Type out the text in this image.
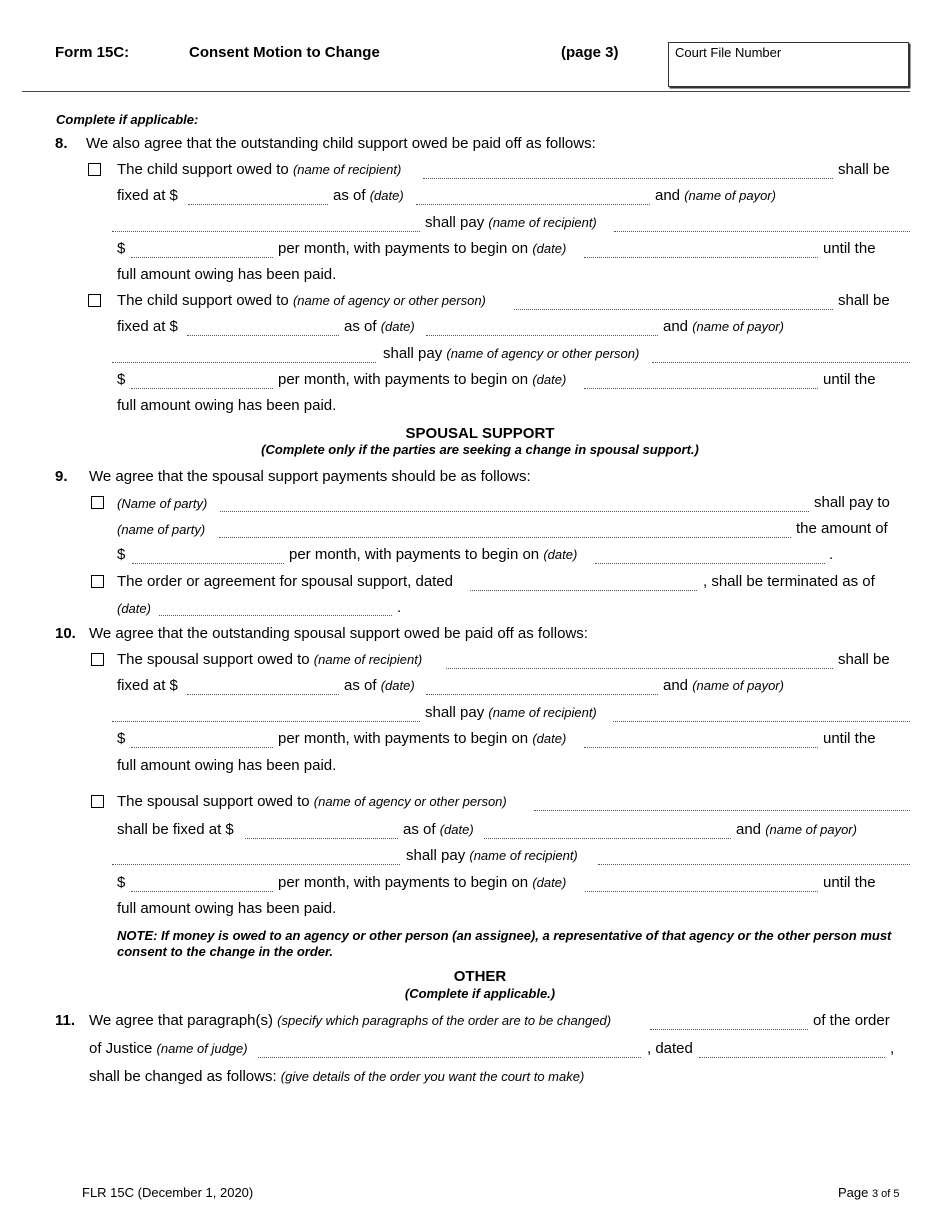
Form 15C:	Consent Motion to Change	(page 3)	Court File Number
Complete if applicable:
8. We also agree that the outstanding child support owed be paid off as follows:
The child support owed to (name of recipient)	shall be
fixed at $	as of (date)	and (name of payor)
shall pay (name of recipient)
$	per month, with payments to begin on (date)	until the
full amount owing has been paid.
The child support owed to (name of agency or other person)	shall be
fixed at $	as of (date)	and (name of payor)
shall pay (name of agency or other person)
$	per month, with payments to begin on (date)	until the
full amount owing has been paid.
SPOUSAL SUPPORT
(Complete only if the parties are seeking a change in spousal support.)
9. We agree that the spousal support payments should be as follows:
(Name of party)	shall pay to
(name of party)	the amount of
$	per month, with payments to begin on (date)	.
The order or agreement for spousal support, dated	, shall be terminated as of
(date)	.
10. We agree that the outstanding spousal support owed be paid off as follows:
The spousal support owed to (name of recipient)	shall be
fixed at $	as of (date)	and (name of payor)
shall pay (name of recipient)
$	per month, with payments to begin on (date)	until the
full amount owing has been paid.
The spousal support owed to (name of agency or other person)
shall be fixed at $	as of (date)	and (name of payor)
shall pay (name of recipient)
$	per month, with payments to begin on (date)	until the
full amount owing has been paid.
NOTE: If money is owed to an agency or other person (an assignee), a representative of that agency or the other person must consent to the change in the order.
OTHER
(Complete if applicable.)
11. We agree that paragraph(s) (specify which paragraphs of the order are to be changed)	of the order
of Justice (name of judge)	, dated	,
shall be changed as follows: (give details of the order you want the court to make)
FLR 15C (December 1, 2020)	Page 3 of 5
